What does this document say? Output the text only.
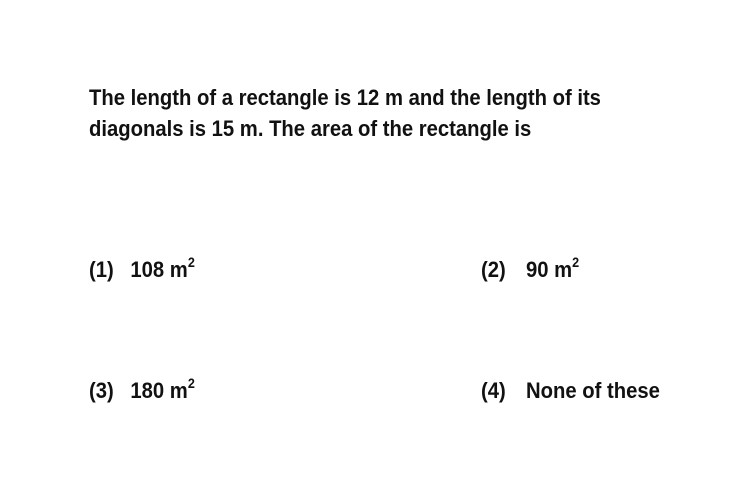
The length of a rectangle is 12 m and the length of its
diagonals is 15 m. The area of the rectangle is
(1) 108 $m^2$	(2) 90 $m^2$
(3) 180 $m^2$	(4) None of these
